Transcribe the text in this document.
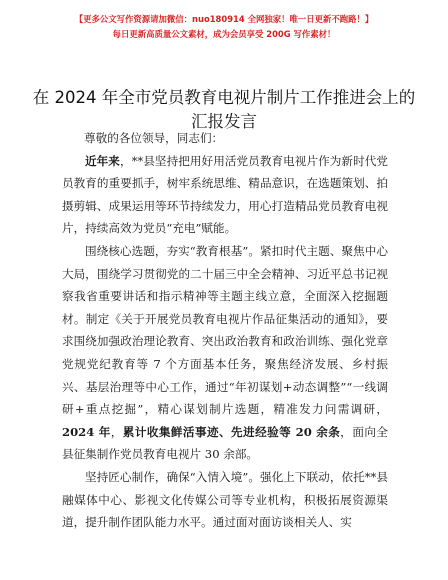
【更多公文写作资源请加微信：nuo180914 全网独家！唯一日更新不跑路！】
每日更新高质量公文素材，成为会员享受 200G 写作素材！
在 2024 年全市党员教育电视片制片工作推进会上的汇报发言

尊敬的各位领导，同志们：

近年来，**县坚持把用好用活党员教育电视片作为新时代党员教育的重要抓手，树牢系统思维、精品意识，在选题策划、拍摄剪辑、成果运用等环节持续发力，用心打造精品党员教育电视片，持续高效为党员“充电”赋能。

围绕核心选题，夯实“教育根基”。紧扣时代主题、聚焦中心大局，围绕学习贯彻党的二十届三中全会精神、习近平总书记视察我省重要讲话和指示精神等主题主线立意，全面深入挖掘题材。制定《关于开展党员教育电视片作品征集活动的通知》，要求围绕加强政治理论教育、突出政治教育和政治训练、强化党章党规党纪教育等 7 个方面基本任务，聚焦经济发展、乡村振兴、基层治理等中心工作，通过“年初谋划+动态调整”“一线调研+重点挖掘”，精心谋划制片选题，精准发力问需调研，2024 年，累计收集鲜活事迹、先进经验等 20 余条，面向全县征集制作党员教育电视片 30 余部。

坚持匠心制作，确保“入情入境”。强化上下联动，依托**县融媒体中心、影视文化传媒公司等专业机构，积极拓展资源渠道，提升制作团队能力水平。通过面对面访谈相关人、实
